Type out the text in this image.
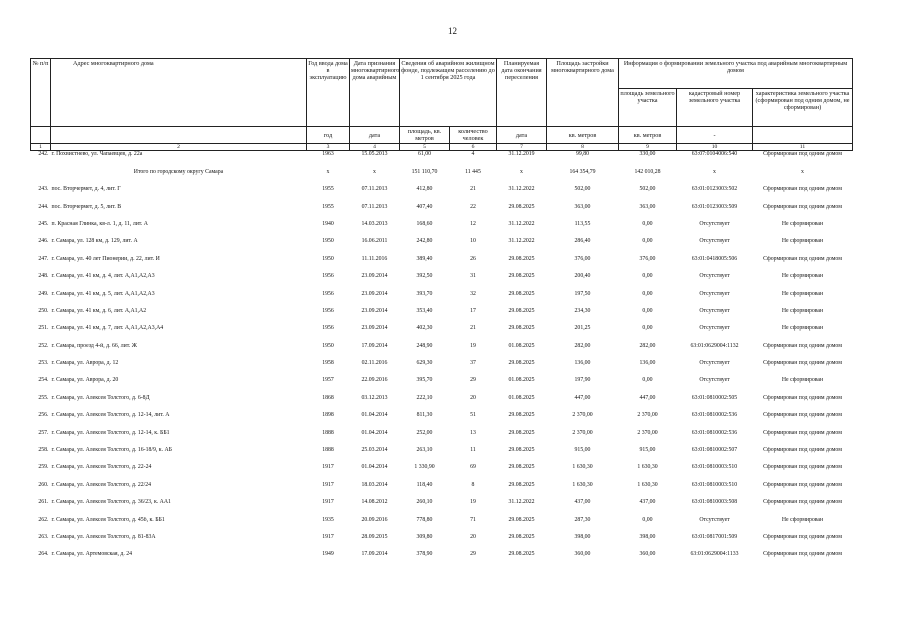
12
№ п/п	Адрес многоквартирного дома	Год ввода дома в эксплуатацию	Дата признания многоквартирного дома аварийным	Сведения об аварийном жилищном фонде, подлежащем расселению до 1 сентября 2025 года		Планируемая дата окончания переселения	Площадь застройки многоквартирного дома	Информация о формировании земельного участка под аварийным многоквартирным домом		
								площадь земельного участка	кадастровый номер земельного участка	характеристика земельного участка (сформирован под одним домом, не сформирован)
		год	дата	площадь, кв. метров	количество человек	дата	кв. метров	кв. метров	-	
1	2	3	4	5	6	7	8	9	10	11
242.	г. Похвистнево, ул. Чапаевцев, д. 22а	1963	15.05.2013	61,00	4	31.12.2019	99,80	330,00	63:07:0104006:540	Сформирован под одним домом
	Итого по городскому округу Самара	x	x	151 110,70	11 445	x	164 354,79	142 010,28	x	x
243.	пос. Вторчермет, д. 4, лит. Г	1955	07.11.2013	412,80	21	31.12.2022	502,00	502,00	63:01:0123003:502	Сформирован под одним домом
244.	пос. Вторчермет, д. 5, лит. В	1955	07.11.2013	407,40	22	29.08.2025	363,00	363,00	63:01:0123003:509	Сформирован под одним домом
245.	п. Красная Глинка, кв-л. 1, д. 11, лит. А	1940	14.03.2013	168,60	12	31.12.2022	113,55	0,00	Отсутствует	Не сформирован
246.	г. Самара, ул. 128 км, д. 129, лит. А	1950	16.06.2011	242,80	10	31.12.2022	286,40	0,00	Отсутствует	Не сформирован
247.	г. Самара, ул. 40 лет Пионерии, д. 22, лит. И	1950	11.11.2016	389,40	26	29.08.2025	376,00	376,00	63:01:0418005:506	Сформирован под одним домом
248.	г. Самара, ул. 41 км, д. 4, лит. А,А1,А2,А3	1956	23.09.2014	392,50	31	29.08.2025	200,40	0,00	Отсутствует	Не сформирован
249.	г. Самара, ул. 41 км, д. 5, лит. А,А1,А2,А3	1956	23.09.2014	393,70	32	29.08.2025	197,50	0,00	Отсутствует	Не сформирован
250.	г. Самара, ул. 41 км, д. 6, лит. А,А1,А2	1956	23.09.2014	353,40	17	29.08.2025	234,30	0,00	Отсутствует	Не сформирован
251.	г. Самара, ул. 41 км, д. 7, лит. А,А1,А2,А3,А4	1956	23.09.2014	402,30	21	29.08.2025	201,25	0,00	Отсутствует	Не сформирован
252.	г. Самара, проезд 4-й, д. 66, лит. Ж	1950	17.09.2014	248,90	19	01.08.2025	282,00	282,00	63:01:0629004:1132	Сформирован под одним домом
253.	г. Самара, ул. Аврора, д. 12	1958	02.11.2016	629,30	37	29.08.2025	136,00	136,00	Отсутствует	Сформирован под одним домом
254.	г. Самара, ул. Аврора, д. 20	1957	22.09.2016	395,70	29	01.08.2025	197,90	0,00	Отсутствует	Не сформирован
255.	г. Самара, ул. Алексея Толстого, д. 6-8Д	1868	03.12.2013	222,10	20	01.08.2025	447,00	447,00	63:01:0810002:505	Сформирован под одним домом
256.	г. Самара, ул. Алексея Толстого, д. 12-14, лит. А	1898	01.04.2014	811,30	51	29.08.2025	2 370,00	2 370,00	63:01:0810002:536	Сформирован под одним домом
257.	г. Самара, ул. Алексея Толстого, д. 12-14, к. ББ1	1888	01.04.2014	252,00	13	29.08.2025	2 370,00	2 370,00	63:01:0810002:536	Сформирован под одним домом
258.	г. Самара, ул. Алексея Толстого, д. 16-18/9, к. АБ	1888	25.03.2014	263,10	11	29.08.2025	915,00	915,00	63:01:0810002:507	Сформирован под одним домом
259.	г. Самара, ул. Алексея Толстого, д. 22-24	1917	01.04.2014	1 330,90	69	29.08.2025	1 630,30	1 630,30	63:01:0810003:510	Сформирован под одним домом
260.	г. Самара, ул. Алексея Толстого, д. 22/24	1917	18.03.2014	118,40	8	29.08.2025	1 630,30	1 630,30	63:01:0810003:510	Сформирован под одним домом
261.	г. Самара, ул. Алексея Толстого, д. 36/23, к. АА1	1917	14.08.2012	260,10	19	31.12.2022	437,00	437,00	63:01:0810003:508	Сформирован под одним домом
262.	г. Самара, ул. Алексея Толстого, д. 45б, к. ББ1	1935	20.09.2016	778,80	71	29.08.2025	287,30	0,00	Отсутствует	Не сформирован
263.	г. Самара, ул. Алексея Толстого, д. 81-83А	1917	28.09.2015	309,80	20	29.08.2025	398,00	398,00	63:01:0817001:509	Сформирован под одним домом
264.	г. Самара, ул. Артемовская, д. 24	1949	17.09.2014	378,90	29	29.08.2025	360,00	360,00	63:01:0629004:1133	Сформирован под одним домом
